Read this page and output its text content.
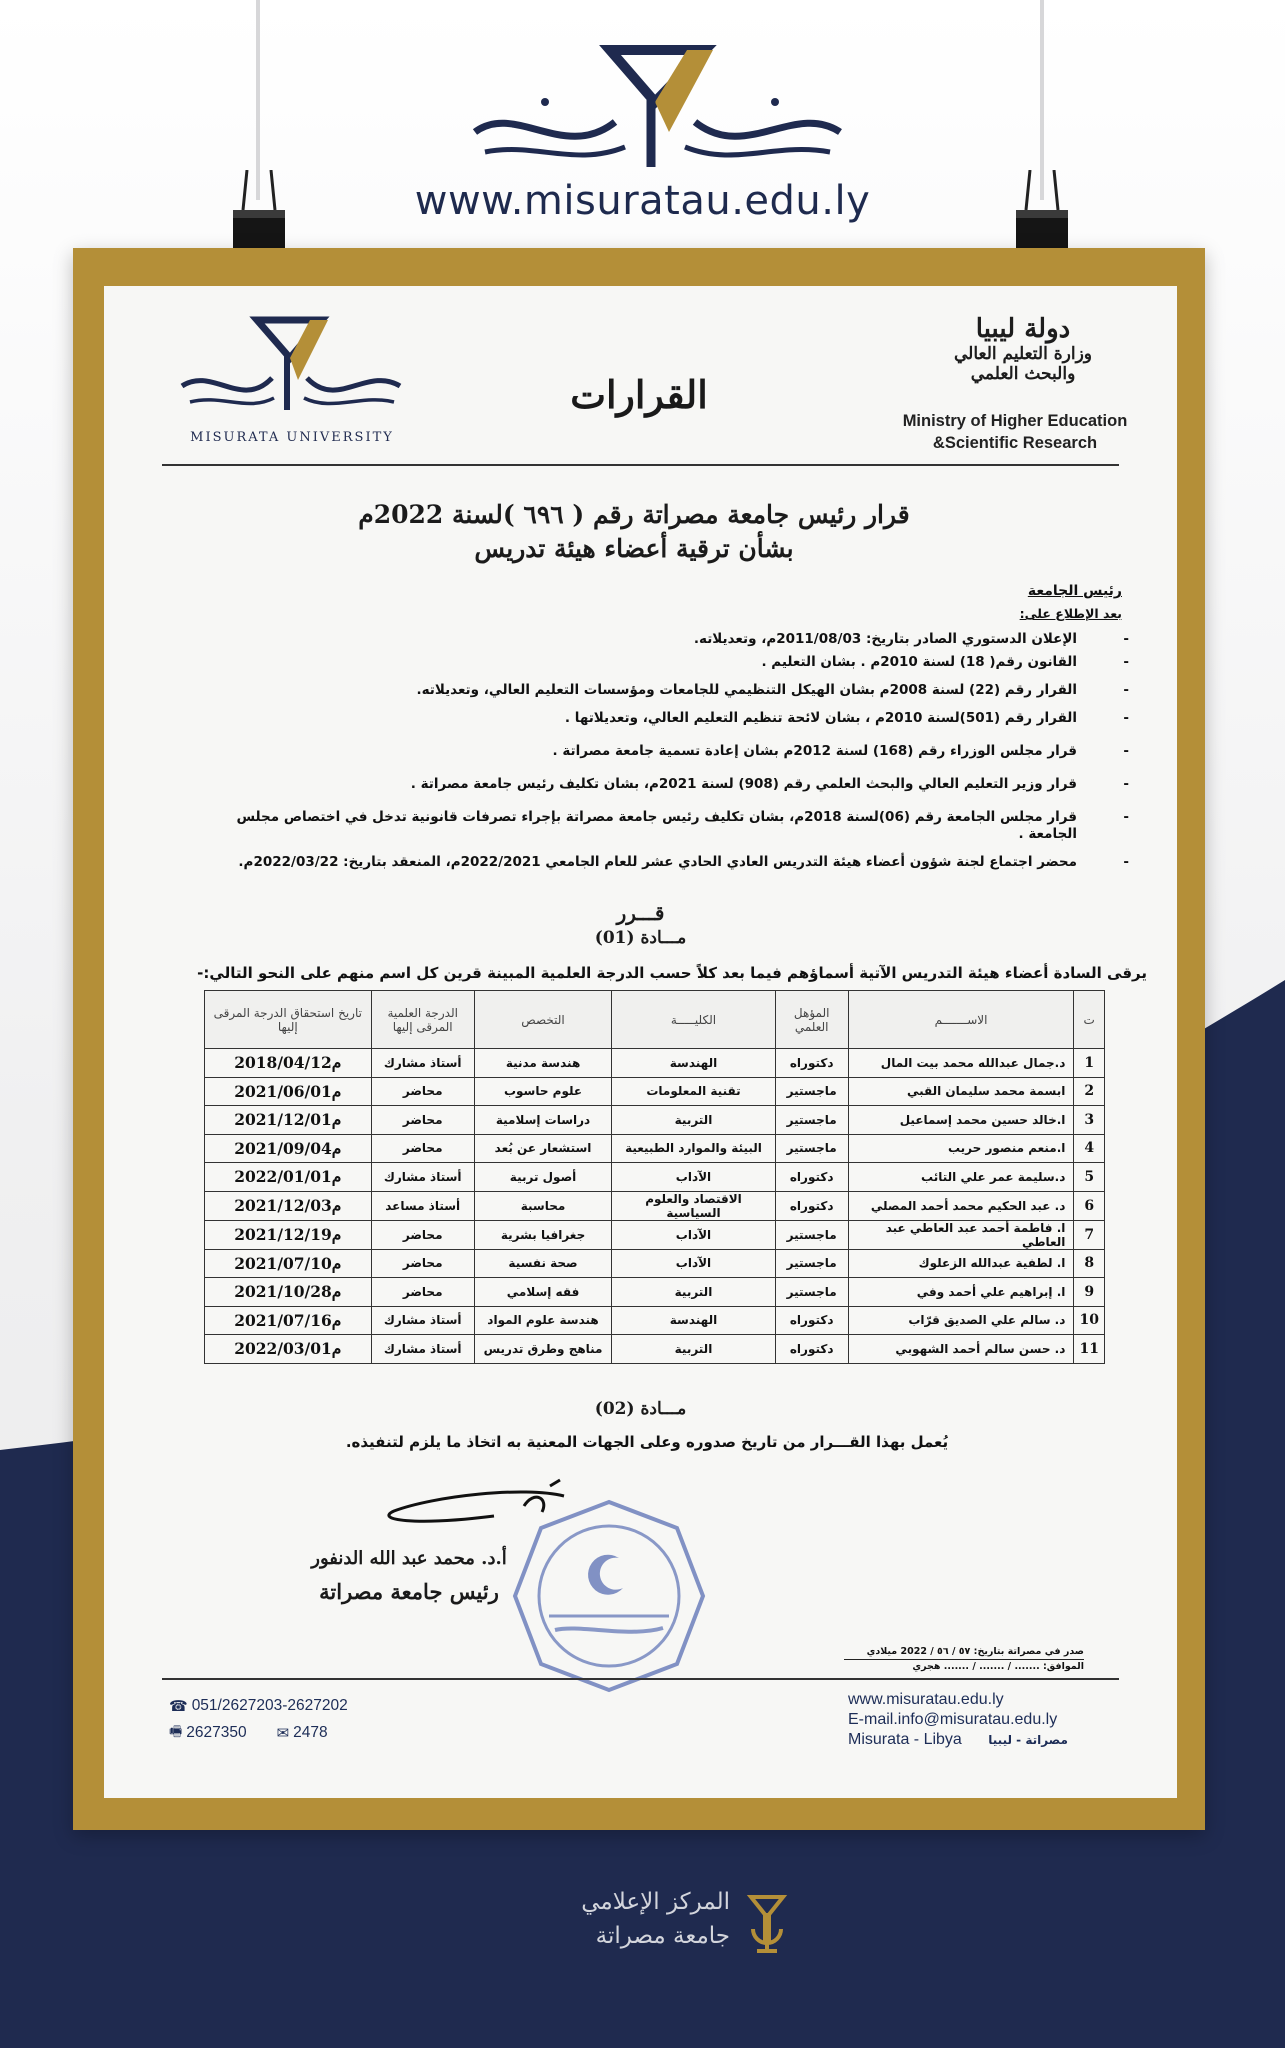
www.misuratau.edu.ly
دولة ليبيا
وزارة التعليم العالي
والبحث العلمي
Ministry of Higher Education
&Scientific Research
القرارات
MISURATA UNIVERSITY
قرار رئيس جامعة مصراتة رقم ( ٦٩٦ )لسنة 2022م
بشأن ترقية أعضاء هيئة تدريس
رئيس الجامعة
بعد الإطلاع على:
- الإعلان الدستوري الصادر بتاريخ: 2011/08/03م، وتعديلاته.
- القانون رقم( 18) لسنة 2010م . بشان التعليم .
- القرار رقم (22) لسنة 2008م بشان الهيكل التنظيمي للجامعات ومؤسسات التعليم العالي، وتعديلاته.
- القرار رقم (501)لسنة 2010م ، بشان لائحة تنظيم التعليم العالي، وتعديلاتها .
- قرار مجلس الوزراء رقم (168) لسنة 2012م بشان إعادة تسمية جامعة مصراتة .
- قرار وزير التعليم العالي والبحث العلمي رقم (908) لسنة 2021م، بشان تكليف رئيس جامعة مصراتة .
- قرار مجلس الجامعة رقم (06)لسنة 2018م، بشان تكليف رئيس جامعة مصراتة بإجراء تصرفات قانونية تدخل في اختصاص مجلس الجامعة .
- محضر اجتماع لجنة شؤون أعضاء هيئة التدريس العادي الحادي عشر للعام الجامعي 2022/2021م، المنعقد بتاريخ: 2022/03/22م.
قـــرر
مـــادة (01)
يرقى السادة أعضاء هيئة التدريس الآتية أسماؤهم فيما بعد كلاً حسب الدرجة العلمية المبينة قرين كل اسم منهم على النحو التالي:-
ت	الاســـــــم	المؤهل العلمي	الكليـــــة	التخصص	الدرجة العلمية المرقى إليها	تاريخ استحقاق الدرجة المرقى إليها
1	د.جمال عبدالله محمد بيت المال	دكتوراه	الهندسة	هندسة مدنية	أستاذ مشارك	2018/04/12م
2	ابسمة محمد سليمان القبي	ماجستير	تقنية المعلومات	علوم حاسوب	محاضر	2021/06/01م
3	ا.خالد حسين محمد إسماعيل	ماجستير	التربية	دراسات إسلامية	محاضر	2021/12/01م
4	ا.منعم منصور حريب	ماجستير	البيئة والموارد الطبيعية	استشعار عن بُعد	محاضر	2021/09/04م
5	د.سليمة عمر علي التائب	دكتوراه	الآداب	أصول تربية	أستاذ مشارك	2022/01/01م
6	د. عبد الحكيم محمد أحمد المصلي	دكتوراه	الاقتصاد والعلوم السياسية	محاسبة	أستاذ مساعد	2021/12/03م
7	ا. فاطمة أحمد عبد العاطي عبد العاطي	ماجستير	الآداب	جغرافيا بشرية	محاضر	2021/12/19م
8	ا. لطفية عبدالله الزعلوك	ماجستير	الآداب	صحة نفسية	محاضر	2021/07/10م
9	ا. إبراهيم علي أحمد وفي	ماجستير	التربية	فقه إسلامي	محاضر	2021/10/28م
10	د. سالم علي الصديق قرّاب	دكتوراه	الهندسة	هندسة علوم المواد	أستاذ مشارك	2021/07/16م
11	د. حسن سالم أحمد الشهوبي	دكتوراه	التربية	مناهج وطرق تدريس	أستاذ مشارك	2022/03/01م
مـــادة (02)
يُعمل بهذا القـــرار من تاريخ صدوره وعلى الجهات المعنية به اتخاذ ما يلزم لتنفيذه.
أ.د. محمد عبد الله الدنفور
رئيس جامعة مصراتة
صدر في مصراتة بتاريخ: ٥٧ / ٥٦ / 2022 ميلادي
الموافق: ....... / ....... / ....... هجري
☎ 051/2627203-2627202
🖷 2627350 ✉ 2478
www.misuratau.edu.ly
E-mail.info@misuratau.edu.ly
Misurata - Libya مصراتة - ليبيا
المركز الإعلامي
جامعة مصراتة
